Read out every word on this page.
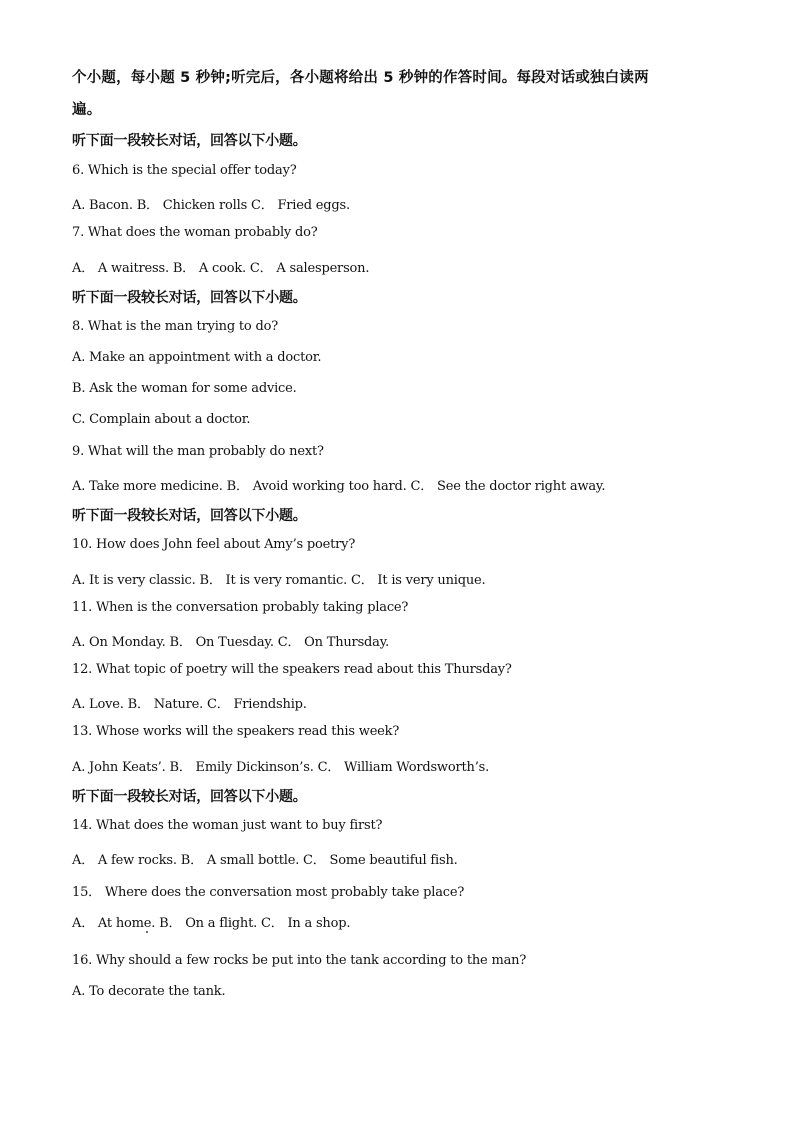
个小题，每小题 5 秒钟;听完后，各小题将给出 5 秒钟的作答时间。每段对话或独白读两
遍。
听下面一段较长对话，回答以下小题。
6. Which is the special offer today?
A. Bacon. B． Chicken rolls C． Fried eggs.
7. What does the woman probably do?
A． A waitress. B． A cook. C． A salesperson.
听下面一段较长对话，回答以下小题。
8. What is the man trying to do?
A. Make an appointment with a doctor.
B. Ask the woman for some advice.
C. Complain about a doctor.
9. What will the man probably do next?
A. Take more medicine. B． Avoid working too hard. C． See the doctor right away.
听下面一段较长对话，回答以下小题。
10. How does John feel about Amy’s poetry?
A. It is very classic. B． It is very romantic. C． It is very unique.
11. When is the conversation probably taking place?
A. On Monday. B． On Tuesday. C． On Thursday.
12. What topic of poetry will the speakers read about this Thursday?
A. Love. B． Nature. C． Friendship.
13. Whose works will the speakers read this week?
A. John Keats’. B． Emily Dickinson’s. C． William Wordsworth’s.
听下面一段较长对话，回答以下小题。
14. What does the woman just want to buy first?
A． A few rocks. B． A small bottle. C． Some beautiful fish.
15． Where does the conversation most probably take place?
A． At home. B． On a flight. C． In a shop.
16. Why should a few rocks be put into the tank according to the man?
A. To decorate the tank.
